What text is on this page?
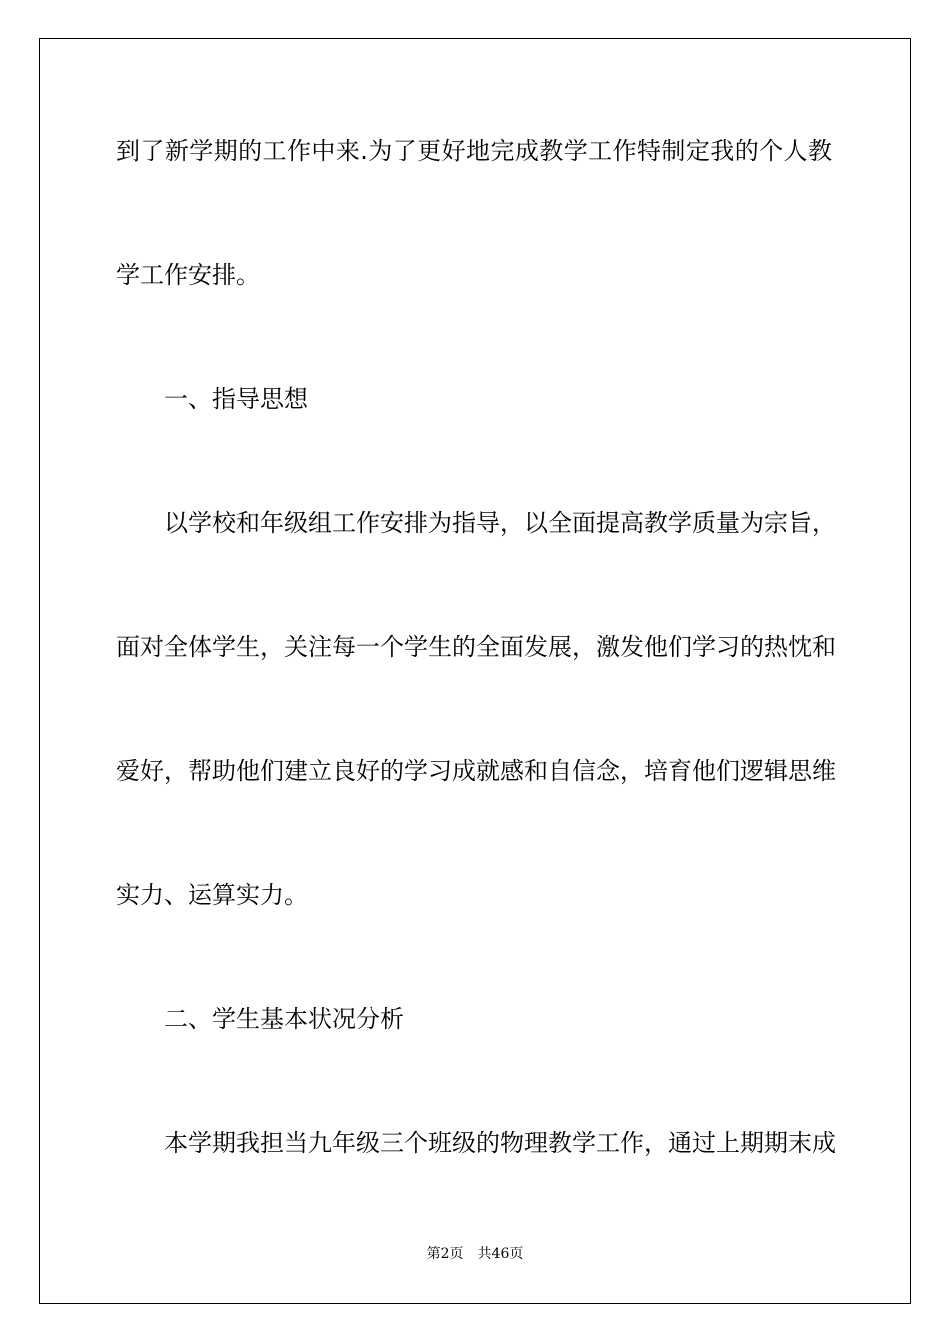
到了新学期的工作中来.为了更好地完成教学工作特制定我的个人教
学工作安排。
一、指导思想
以学校和年级组工作安排为指导，以全面提高教学质量为宗旨，
面对全体学生，关注每一个学生的全面发展，激发他们学习的热忱和
爱好，帮助他们建立良好的学习成就感和自信念，培育他们逻辑思维
实力、运算实力。
二、学生基本状况分析
本学期我担当九年级三个班级的物理教学工作，通过上期期末成
第2页 共46页
